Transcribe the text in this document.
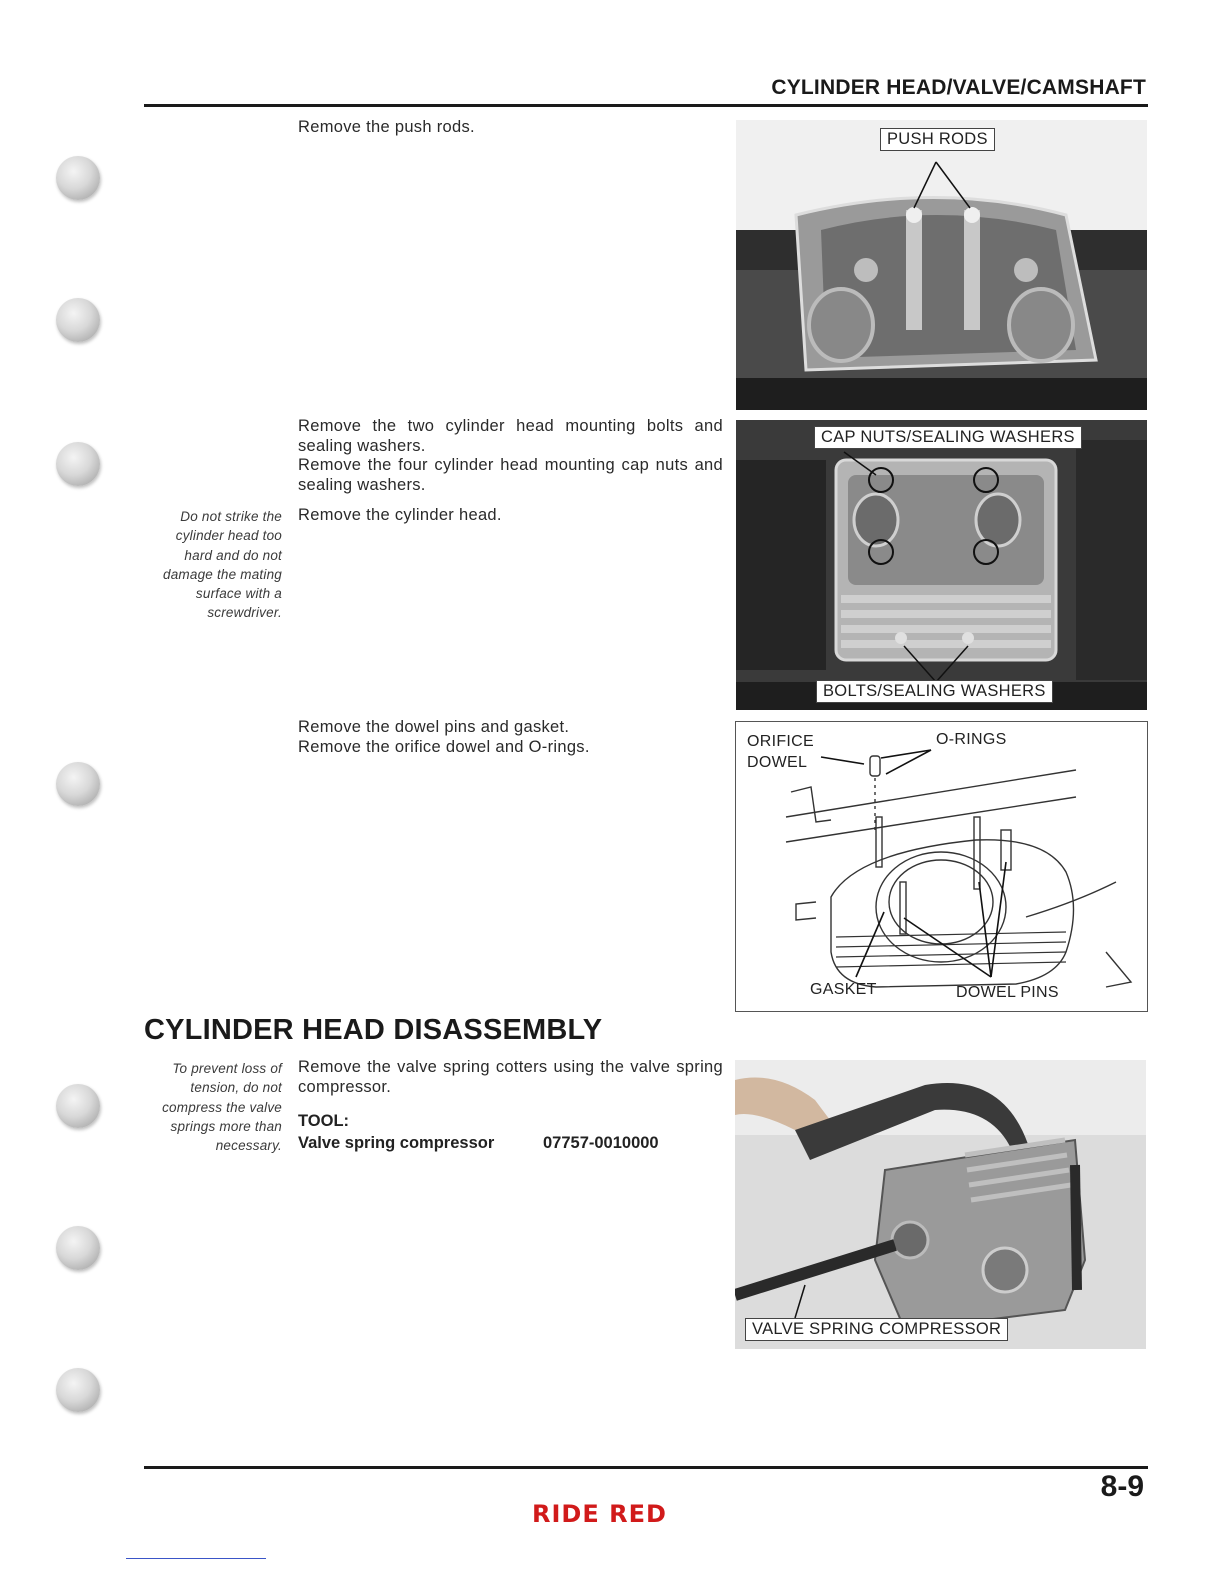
CYLINDER HEAD/VALVE/CAMSHAFT
Remove the push rods.
PUSH RODS
Remove the two cylinder head mounting bolts and sealing washers.
Remove the four cylinder head mounting cap nuts and sealing washers.
Do not strike the
cylinder head too
hard and do not
damage the mating
surface with a
screwdriver.
Remove the cylinder head.
CAP NUTS/SEALING WASHERS
BOLTS/SEALING WASHERS
Remove the dowel pins and gasket.
Remove the orifice dowel and O-rings.	ORIFICE
DOWEL
O-RINGS
GASKET	DOWEL PINS
CYLINDER HEAD DISASSEMBLY
To prevent loss of
tension, do not
compress the valve
springs more than
necessary.
Remove the valve spring cotters using the valve spring compressor.
TOOL:
Valve spring compressor	07757-0010000
VALVE SPRING COMPRESSOR
8-9
RIDE RED
